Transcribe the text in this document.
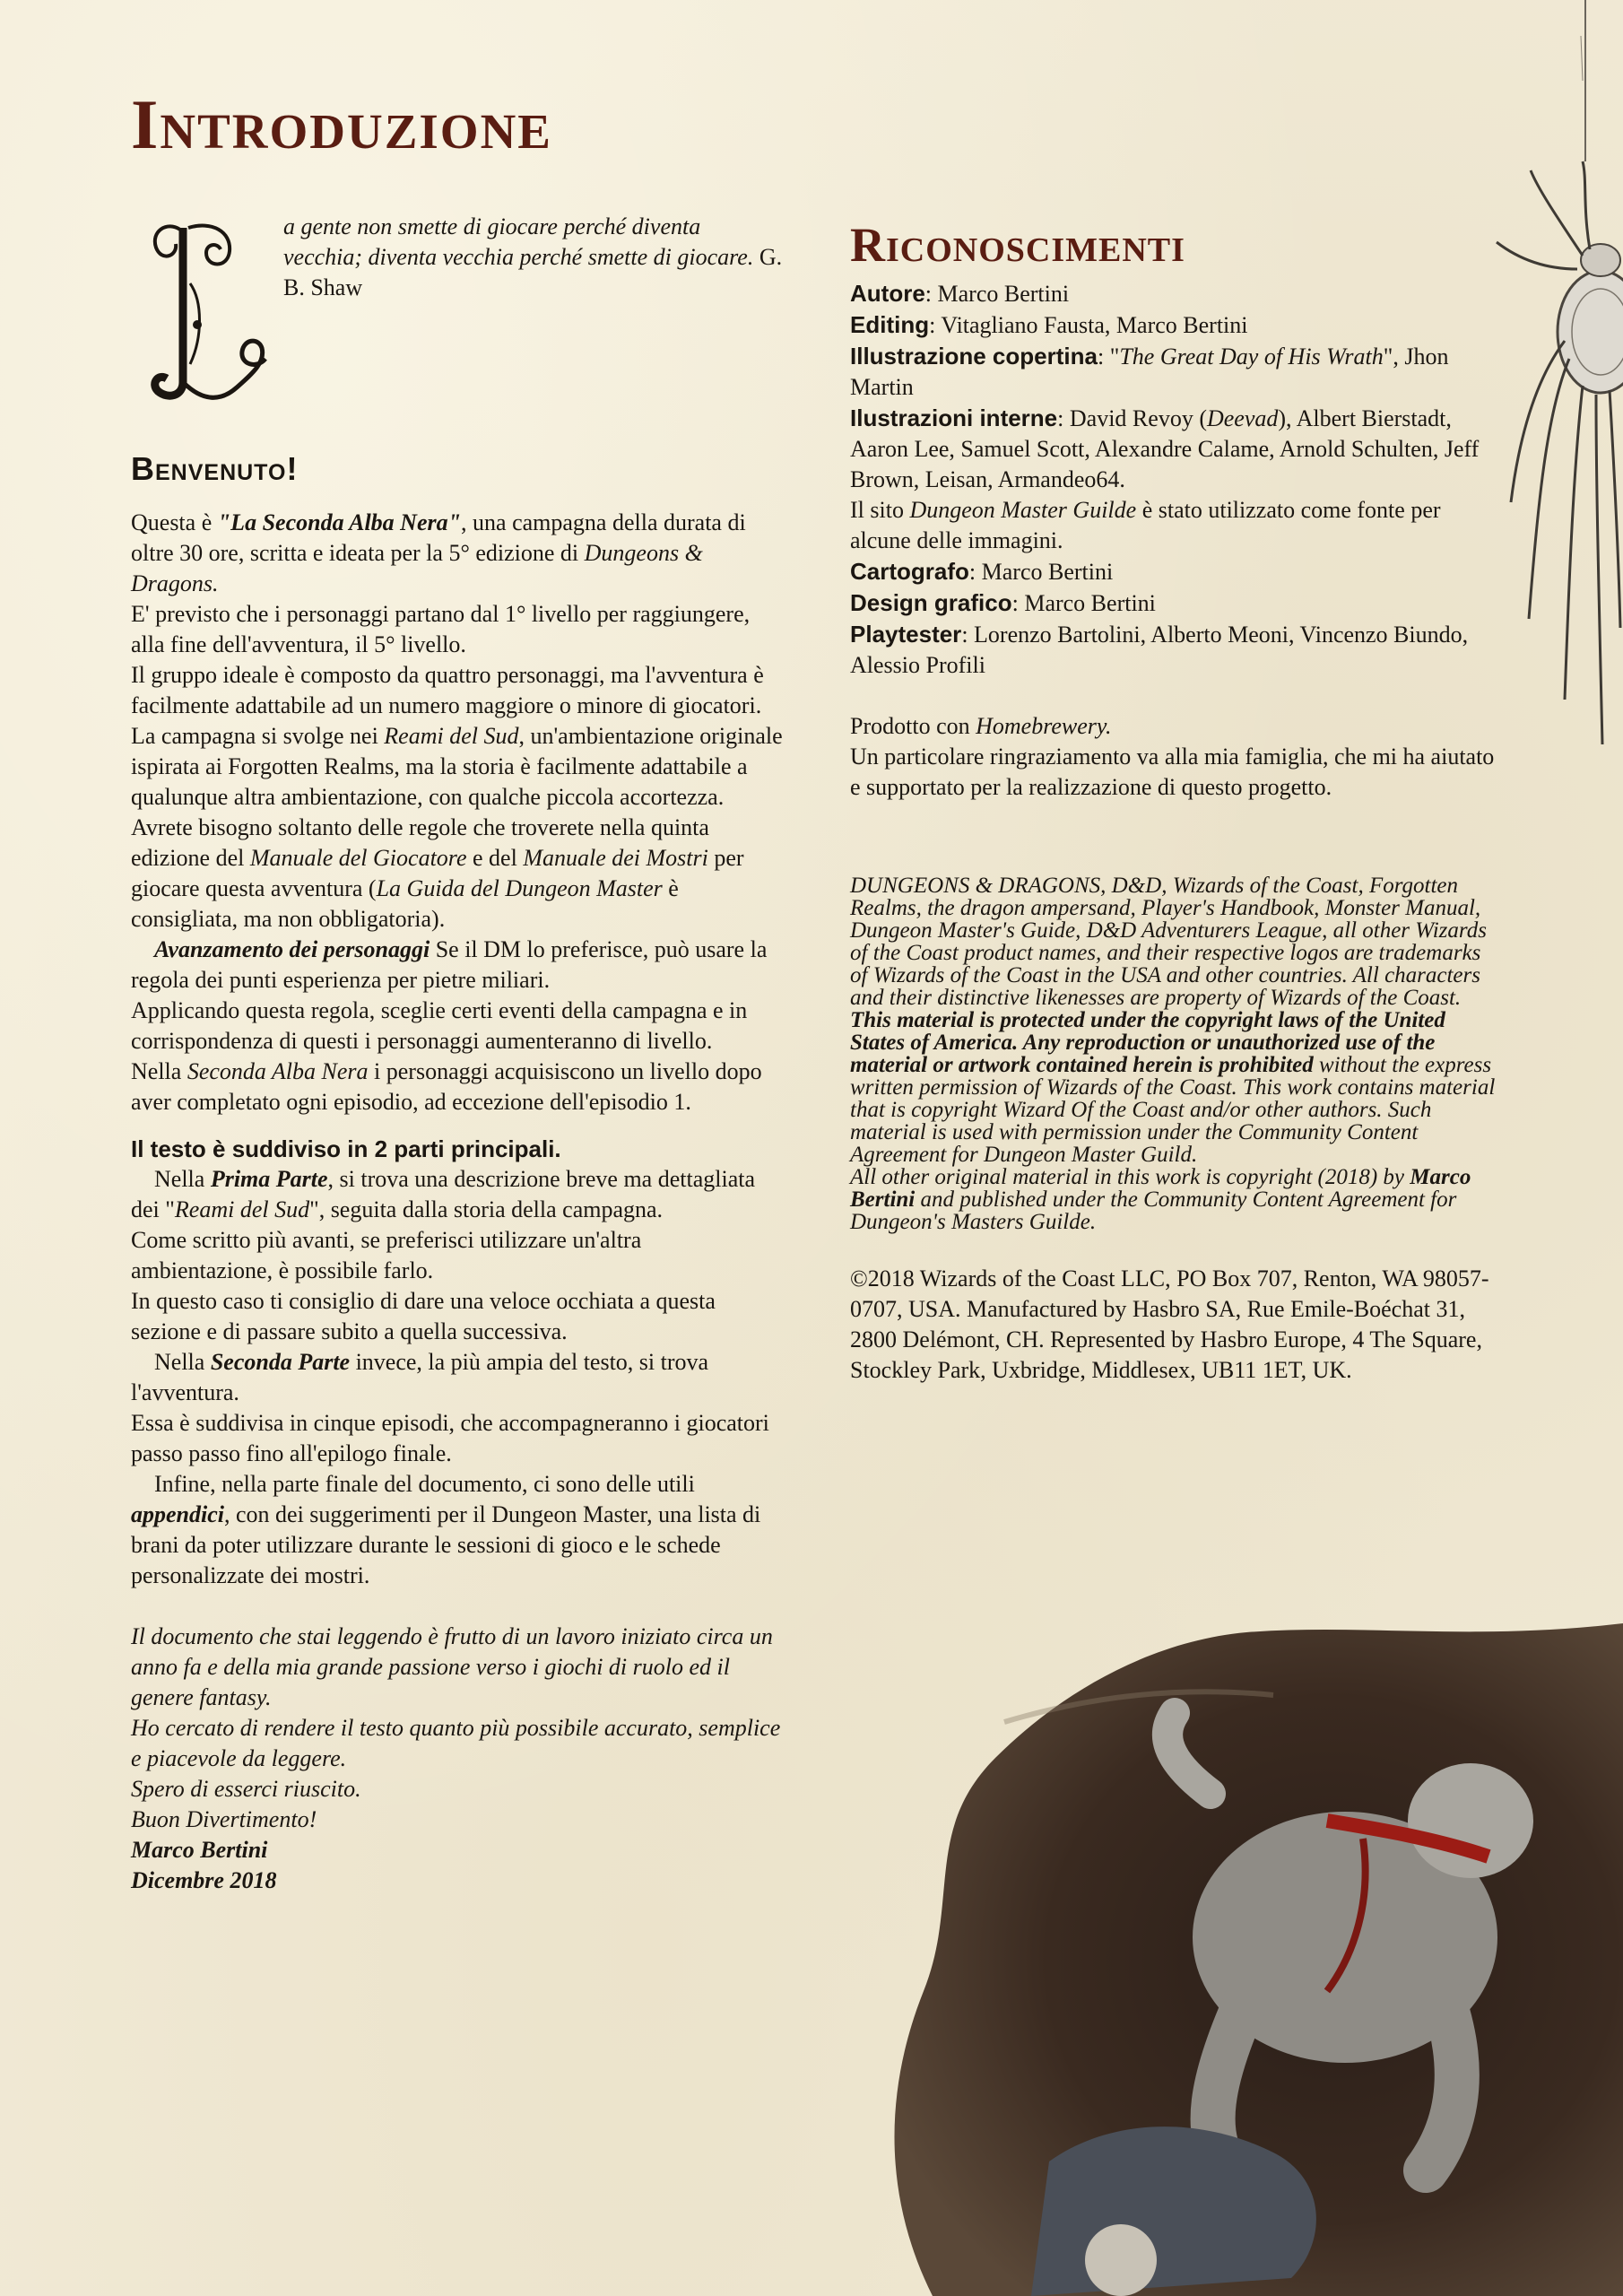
Introduzione

a gente non smette di giocare perché diventa vecchia; diventa vecchia perché smette di giocare. G. B. Shaw

Benvenuto!

Questa è "La Seconda Alba Nera", una campagna della durata di oltre 30 ore, scritta e ideata per la 5° edizione di Dungeons & Dragons.

E' previsto che i personaggi partano dal 1° livello per raggiungere, alla fine dell'avventura, il 5° livello.

Il gruppo ideale è composto da quattro personaggi, ma l'avventura è facilmente adattabile ad un numero maggiore o minore di giocatori.

La campagna si svolge nei Reami del Sud, un'ambientazione originale ispirata ai Forgotten Realms, ma la storia è facilmente adattabile a qualunque altra ambientazione, con qualche piccola accortezza.

Avrete bisogno soltanto delle regole che troverete nella quinta edizione del Manuale del Giocatore e del Manuale dei Mostri per giocare questa avventura (La Guida del Dungeon Master è consigliata, ma non obbligatoria).

Avanzamento dei personaggi Se il DM lo preferisce, può usare la regola dei punti esperienza per pietre miliari.

Applicando questa regola, sceglie certi eventi della campagna e in corrispondenza di questi i personaggi aumenteranno di livello.

Nella Seconda Alba Nera i personaggi acquisiscono un livello dopo aver completato ogni episodio, ad eccezione dell'episodio 1.

Il testo è suddiviso in 2 parti principali.

Nella Prima Parte, si trova una descrizione breve ma dettagliata dei "Reami del Sud", seguita dalla storia della campagna.

Come scritto più avanti, se preferisci utilizzare un'altra ambientazione, è possibile farlo.

In questo caso ti consiglio di dare una veloce occhiata a questa sezione e di passare subito a quella successiva.

Nella Seconda Parte invece, la più ampia del testo, si trova l'avventura.

Essa è suddivisa in cinque episodi, che accompagneranno i giocatori passo passo fino all'epilogo finale.

Infine, nella parte finale del documento, ci sono delle utili appendici, con dei suggerimenti per il Dungeon Master, una lista di brani da poter utilizzare durante le sessioni di gioco e le schede personalizzate dei mostri.

Il documento che stai leggendo è frutto di un lavoro iniziato circa un anno fa e della mia grande passione verso i giochi di ruolo ed il genere fantasy.

Ho cercato di rendere il testo quanto più possibile accurato, semplice e piacevole da leggere.

Spero di esserci riuscito.

Buon Divertimento!

Marco Bertini

Dicembre 2018

Riconoscimenti

Autore: Marco Bertini

Editing: Vitagliano Fausta, Marco Bertini

Illustrazione copertina: "The Great Day of His Wrath", Jhon Martin

Ilustrazioni interne: David Revoy (Deevad), Albert Bierstadt, Aaron Lee, Samuel Scott, Alexandre Calame, Arnold Schulten, Jeff Brown, Leisan, Armandeo64.

Il sito Dungeon Master Guilde è stato utilizzato come fonte per alcune delle immagini.

Cartografo: Marco Bertini

Design grafico: Marco Bertini

Playtester: Lorenzo Bartolini, Alberto Meoni, Vincenzo Biundo, Alessio Profili

Prodotto con Homebrewery.

Un particolare ringraziamento va alla mia famiglia, che mi ha aiutato e supportato per la realizzazione di questo progetto.

DUNGEONS & DRAGONS, D&D, Wizards of the Coast, Forgotten Realms, the dragon ampersand, Player's Handbook, Monster Manual, Dungeon Master's Guide, D&D Adventurers League, all other Wizards of the Coast product names, and their respective logos are trademarks of Wizards of the Coast in the USA and other countries. All characters and their distinctive likenesses are property of Wizards of the Coast. This material is protected under the copyright laws of the United States of America. Any reproduction or unauthorized use of the material or artwork contained herein is prohibited without the express written permission of Wizards of the Coast. This work contains material that is copyright Wizard Of the Coast and/or other authors. Such material is used with permission under the Community Content Agreement for Dungeon Master Guild.

All other original material in this work is copyright (2018) by Marco Bertini and published under the Community Content Agreement for Dungeon's Masters Guilde.

©2018 Wizards of the Coast LLC, PO Box 707, Renton, WA 98057-0707, USA. Manufactured by Hasbro SA, Rue Emile-Boéchat 31, 2800 Delémont, CH. Represented by Hasbro Europe, 4 The Square, Stockley Park, Uxbridge, Middlesex, UB11 1ET, UK.
